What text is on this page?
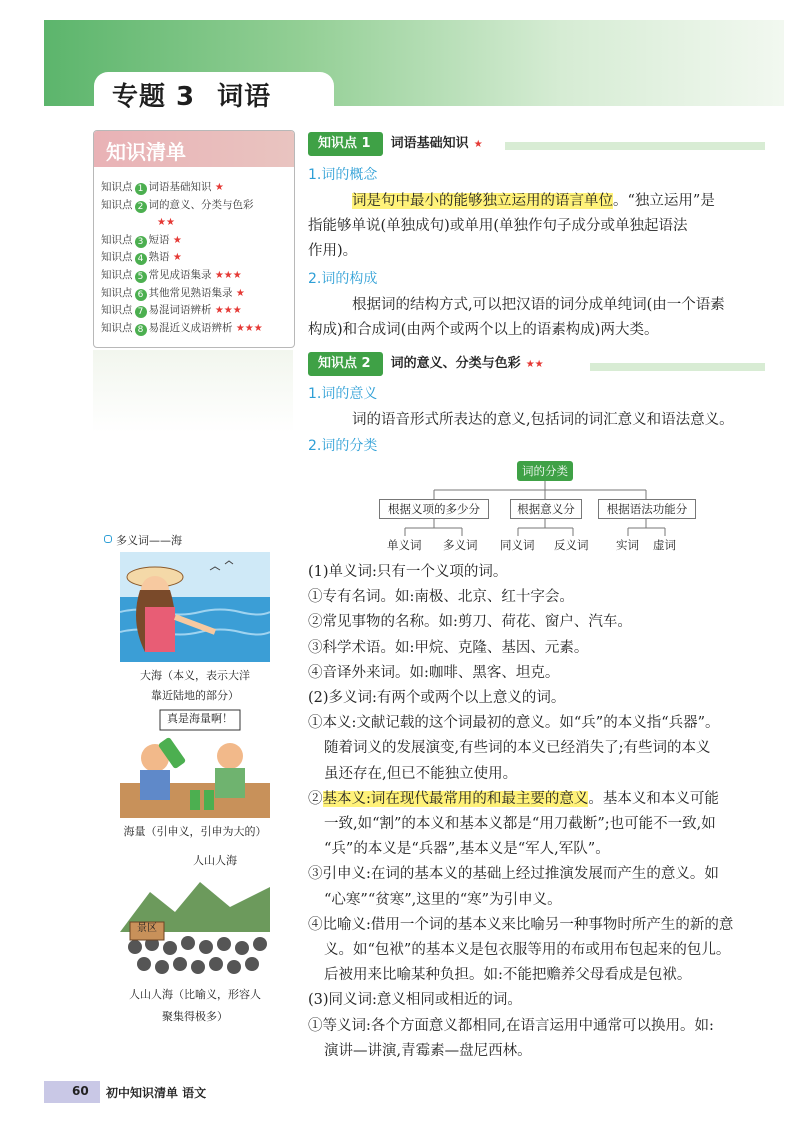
专题 3 词语
知识清单
知识点 1 词语基础知识 ★
知识点 2 词的意义、分类与色彩
★★
知识点 3 短语 ★
知识点 4 熟语 ★
知识点 5 常见成语集录 ★★★
知识点 6 其他常见熟语集录 ★
知识点 7 易混词语辨析 ★★★
知识点 8 易混近义成语辨析 ★★★
多义词——海
大海（本义，表示大洋
靠近陆地的部分）
真是海量啊！
海量（引申义，引申为大的）
人山人海
景区
人山人海（比喻义，形容人
聚集得极多）
知识点 1 词语基础知识 ★
1.词的概念
词是句中最小的能够独立运用的语言单位。“独立运用”是
指能够单说(单独成句)或单用(单独作句子成分或单独起语法
作用)。
2.词的构成
根据词的结构方式,可以把汉语的词分成单纯词(由一个语素
构成)和合成词(由两个或两个以上的语素构成)两大类。
知识点 2 词的意义、分类与色彩 ★★
1.词的意义
词的语音形式所表达的意义,包括词的词汇意义和语法意义。
2.词的分类
词的分类
根据义项的多少分	根据意义分	根据语法功能分
单义词 多义词 同义词 反义词 实词 虚词
(1)单义词:只有一个义项的词。
①专有名词。如:南极、北京、红十字会。
②常见事物的名称。如:剪刀、荷花、窗户、汽车。
③科学术语。如:甲烷、克隆、基因、元素。
④音译外来词。如:咖啡、黑客、坦克。
(2)多义词:有两个或两个以上意义的词。
①本义:文献记载的这个词最初的意义。如“兵”的本义指“兵器”。
随着词义的发展演变,有些词的本义已经消失了;有些词的本义
虽还存在,但已不能独立使用。
②基本义:词在现代最常用的和最主要的意义。基本义和本义可能
一致,如“割”的本义和基本义都是“用刀截断”;也可能不一致,如
“兵”的本义是“兵器”,基本义是“军人,军队”。
③引申义:在词的基本义的基础上经过推演发展而产生的意义。如
“心寒”“贫寒”,这里的“寒”为引申义。
④比喻义:借用一个词的基本义来比喻另一种事物时所产生的新的意
义。如“包袱”的基本义是包衣服等用的布或用布包起来的包儿。
后被用来比喻某种负担。如:不能把赡养父母看成是包袱。
(3)同义词:意义相同或相近的词。
①等义词:各个方面意义都相同,在语言运用中通常可以换用。如:
演讲—讲演,青霉素—盘尼西林。
60 初中知识清单 语文
